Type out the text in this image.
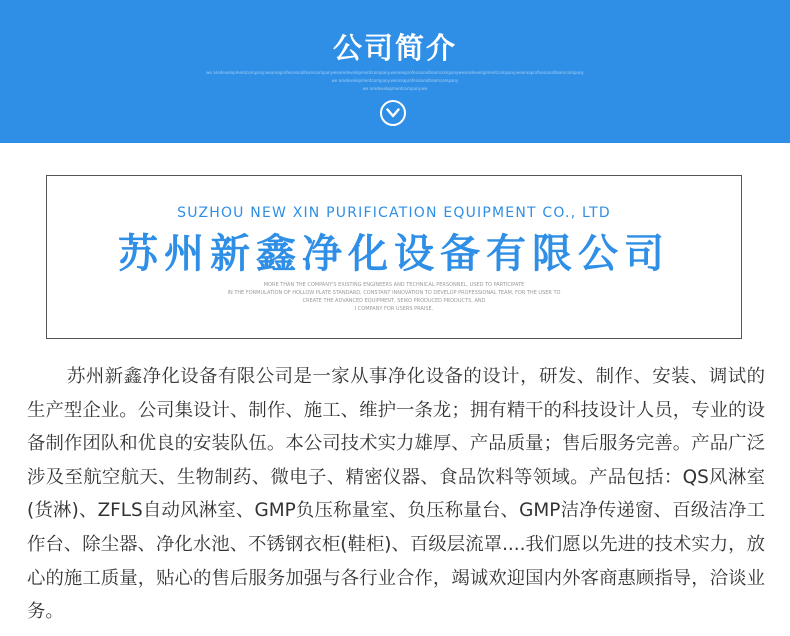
公司简介
we aredevelopmentcompany.weareaprofessionalteamcompanywearedevelopmentcompany.weareaprofessionalteamcompanywearedevelopmentcompany.weareaprofessionalteamcompany
we aredevelopmentcompany.weareaprofessionalteamcompany
we aredevelopmentcompany.we
SUZHOU NEW XIN PURIFICATION EQUIPMENT CO., LTD
苏州新鑫净化设备有限公司
MORE THAN THE COMPANY'S EXISTING ENGINEERS AND TECHNICAL PERSONNEL, USED TO PARTICIPATE
IN THE FORMULATION OF HOLLOW PLATE STANDARD, CONSTANT INNOVATION TO DEVELOP PROFESSIONAL TEAM, FOR THE USER TO
CREATE THE ADVANCED EQUIPMENT, SEIKO PRODUCED PRODUCTS, AND
I COMPANY FOR USERS PRAISE.

苏州新鑫净化设备有限公司是一家从事净化设备的设计，研发、制作、安装、调试的生产型企业。公司集设计、制作、施工、维护一条龙；拥有精干的科技设计人员，专业的设备制作团队和优良的安装队伍。本公司技术实力雄厚、产品质量；售后服务完善。产品广泛涉及至航空航天、生物制药、微电子、精密仪器、食品饮料等领域。产品包括：QS风淋室(货淋)、ZFLS自动风淋室、GMP负压称量室、负压称量台、GMP洁净传递窗、百级洁净工作台、除尘器、净化水池、不锈钢衣柜(鞋柜)、百级层流罩....我们愿以先进的技术实力，放心的施工质量，贴心的售后服务加强与各行业合作，竭诚欢迎国内外客商惠顾指导，洽谈业务。
